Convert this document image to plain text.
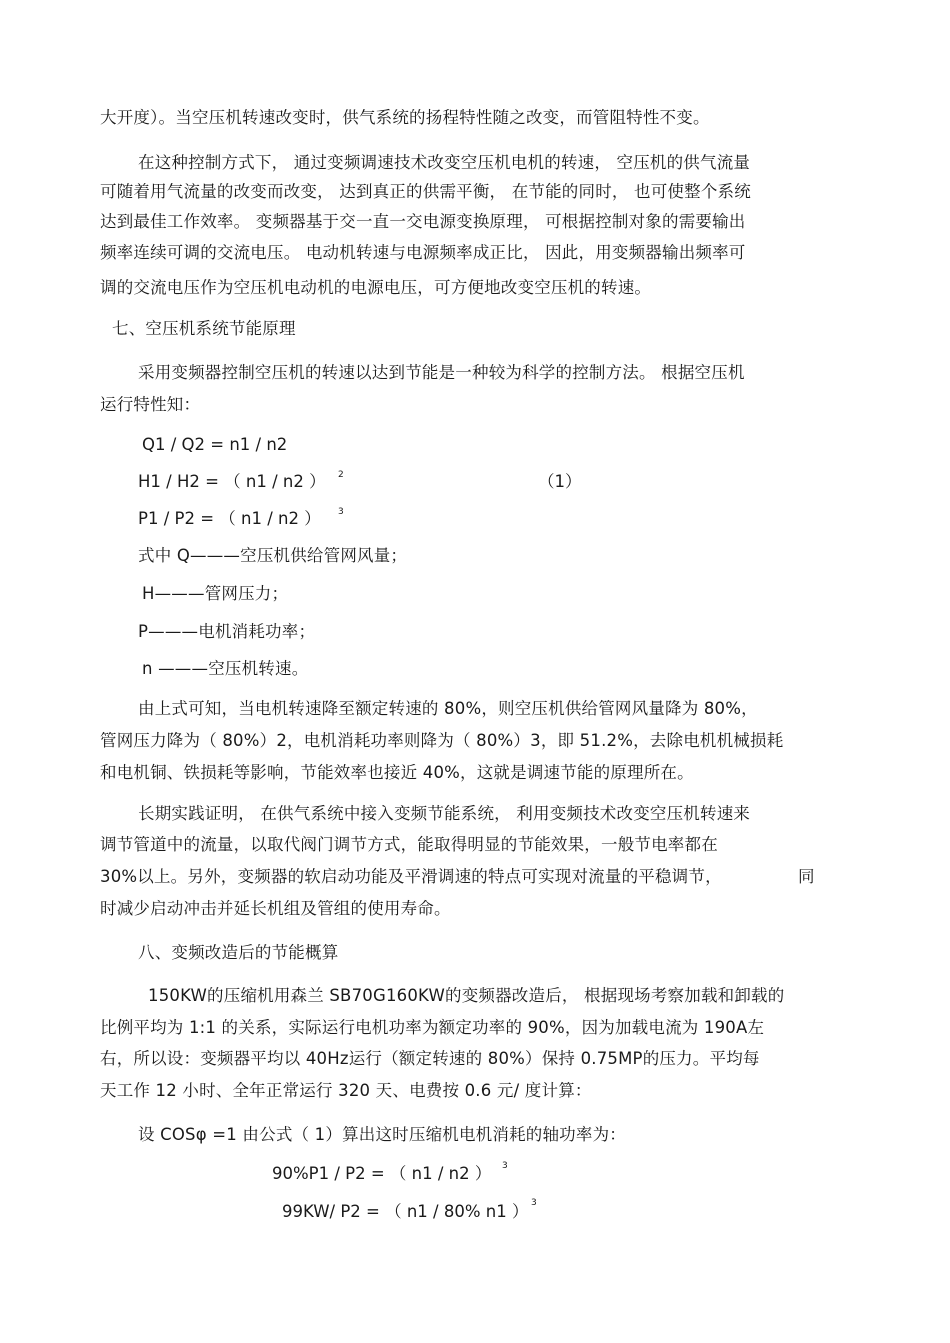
大开度）。当空压机转速改变时，供气系统的扬程特性随之改变，而管阻特性不变。
在这种控制方式下， 通过变频调速技术改变空压机电机的转速， 空压机的供气流量
可随着用气流量的改变而改变， 达到真正的供需平衡， 在节能的同时， 也可使整个系统
达到最佳工作效率。 变频器基于交一直一交电源变换原理， 可根据控制对象的需要输出
频率连续可调的交流电压。 电动机转速与电源频率成正比， 因此，用变频器输出频率可
调的交流电压作为空压机电动机的电源电压，可方便地改变空压机的转速。
七、空压机系统节能原理
采用变频器控制空压机的转速以达到节能是一种较为科学的控制方法。 根据空压机
运行特性知：
Q1 / Q2 = n1 / n2
H1 / H2 = （ n1 / n2 ） 2	（1）
P1 / P2 = （ n1 / n2 ） 3
式中 Q———空压机供给管网风量；
H———管网压力；
P———电机消耗功率；
n ———空压机转速。
由上式可知，当电机转速降至额定转速的 80%，则空压机供给管网风量降为 80%，
管网压力降为（ 80%）2，电机消耗功率则降为（ 80%）3，即 51.2%，去除电机机械损耗
和电机铜、铁损耗等影响，节能效率也接近 40%，这就是调速节能的原理所在。
长期实践证明， 在供气系统中接入变频节能系统， 利用变频技术改变空压机转速来
调节管道中的流量，以取代阀门调节方式，能取得明显的节能效果，一般节电率都在
30%以上。另外，变频器的软启动功能及平滑调速的特点可实现对流量的平稳调节，	同
时减少启动冲击并延长机组及管组的使用寿命。
八、变频改造后的节能概算
150KW的压缩机用森兰 SB70G160KW的变频器改造后， 根据现场考察加载和卸载的
比例平均为 1:1 的关系，实际运行电机功率为额定功率的 90%，因为加载电流为 190A左
右，所以设：变频器平均以 40Hz运行（额定转速的 80%）保持 0.75MP的压力。平均每
天工作 12 小时、全年正常运行 320 天、电费按 0.6 元/ 度计算：
设 COSφ =1 由公式（ 1）算出这时压缩机电机消耗的轴功率为：
90%P1 / P2 = （ n1 / n2 ） 3
99KW/ P2 = （ n1 / 80% n1 ） 3
